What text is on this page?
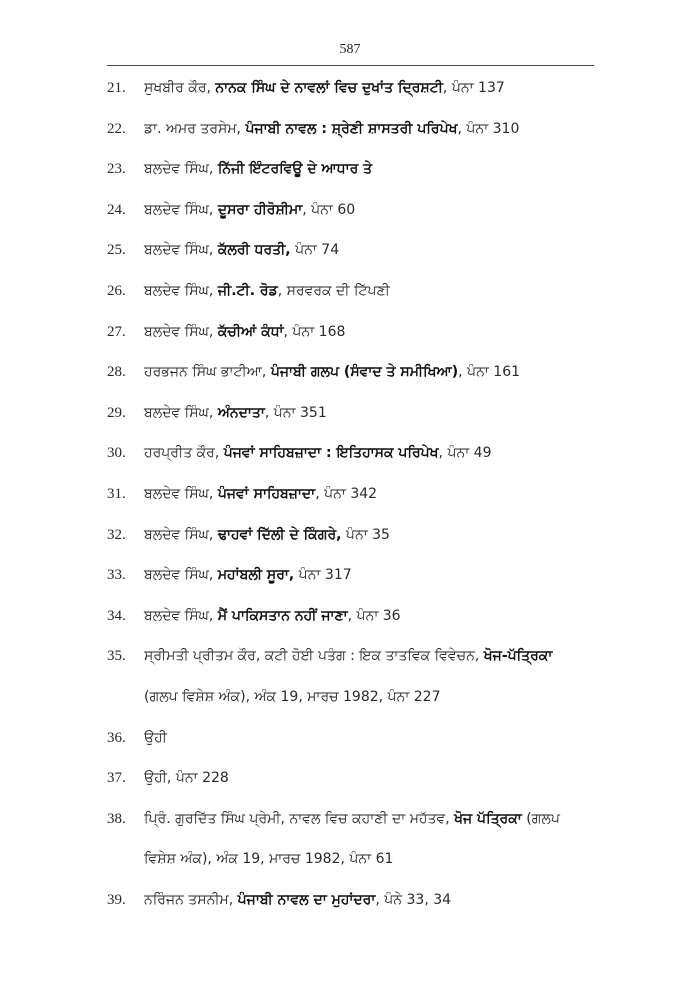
587
21.	ਸੁਖਬੀਰ ਕੌਰ, ਨਾਨਕ ਸਿੰਘ ਦੇ ਨਾਵਲਾਂ ਵਿਚ ਦੁਖਾਂਤ ਦ੍ਰਿਸ਼ਟੀ, ਪੰਨਾ 137
22.	ਡਾ. ਅਮਰ ਤਰਸੇਮ, ਪੰਜਾਬੀ ਨਾਵਲ : ਸ਼੍ਰੇਣੀ ਸ਼ਾਸਤਰੀ ਪਰਿਪੇਖ, ਪੰਨਾ 310
23.	ਬਲਦੇਵ ਸਿੰਘ, ਨਿੱਜੀ ਇੰਟਰਵਿਊ ਦੇ ਆਧਾਰ ਤੇ
24.	ਬਲਦੇਵ ਸਿੰਘ, ਦੂਸਰਾ ਹੀਰੋਸ਼ੀਮਾ, ਪੰਨਾ 60
25.	ਬਲਦੇਵ ਸਿੰਘ, ਕੱਲਰੀ ਧਰਤੀ, ਪੰਨਾ 74
26.	ਬਲਦੇਵ ਸਿੰਘ, ਜੀ.ਟੀ. ਰੋਡ, ਸਰਵਰਕ ਦੀ ਟਿੱਪਣੀ
27.	ਬਲਦੇਵ ਸਿੰਘ, ਕੱਚੀਆਂ ਕੰਧਾਂ, ਪੰਨਾ 168
28.	ਹਰਭਜਨ ਸਿੰਘ ਭਾਟੀਆ, ਪੰਜਾਬੀ ਗਲਪ (ਸੰਵਾਦ ਤੇ ਸਮੀਖਿਆ), ਪੰਨਾ 161
29.	ਬਲਦੇਵ ਸਿੰਘ, ਅੰਨਦਾਤਾ, ਪੰਨਾ 351
30.	ਹਰਪ੍ਰੀਤ ਕੌਰ, ਪੰਜਵਾਂ ਸਾਹਿਬਜ਼ਾਦਾ : ਇਤਿਹਾਸਕ ਪਰਿਪੇਖ, ਪੰਨਾ 49
31.	ਬਲਦੇਵ ਸਿੰਘ, ਪੰਜਵਾਂ ਸਾਹਿਬਜ਼ਾਦਾ, ਪੰਨਾ 342
32.	ਬਲਦੇਵ ਸਿੰਘ, ਢਾਹਵਾਂ ਦਿੱਲੀ ਦੇ ਕਿੰਗਰੇ, ਪੰਨਾ 35
33.	ਬਲਦੇਵ ਸਿੰਘ, ਮਹਾਂਬਲੀ ਸੂਰਾ, ਪੰਨਾ 317
34.	ਬਲਦੇਵ ਸਿੰਘ, ਮੈਂ ਪਾਕਿਸਤਾਨ ਨਹੀਂ ਜਾਣਾ, ਪੰਨਾ 36
35.	ਸ੍ਰੀਮਤੀ ਪ੍ਰੀਤਮ ਕੌਰ, ਕਟੀ ਹੋਈ ਪਤੰਗ : ਇਕ ਤਾਤਵਿਕ ਵਿਵੇਚਨ, ਖੋਜ-ਪੱਤ੍ਰਿਕਾ
(ਗਲਪ ਵਿਸ਼ੇਸ਼ ਅੰਕ), ਅੰਕ 19, ਮਾਰਚ 1982, ਪੰਨਾ 227
36.	ਉਹੀ
37.	ਉਹੀ, ਪੰਨਾ 228
38.	ਪ੍ਰਿੰ. ਗੁਰਦਿੱਤ ਸਿੰਘ ਪ੍ਰੇਮੀ, ਨਾਵਲ ਵਿਚ ਕਹਾਣੀ ਦਾ ਮਹੱਤਵ, ਖੋਜ ਪੱਤ੍ਰਿਕਾ (ਗਲਪ
ਵਿਸ਼ੇਸ਼ ਅੰਕ), ਅੰਕ 19, ਮਾਰਚ 1982, ਪੰਨਾ 61
39.	ਨਰਿੰਜਨ ਤਸਨੀਮ, ਪੰਜਾਬੀ ਨਾਵਲ ਦਾ ਮੁਹਾਂਦਰਾ, ਪੰਨੇ 33, 34
